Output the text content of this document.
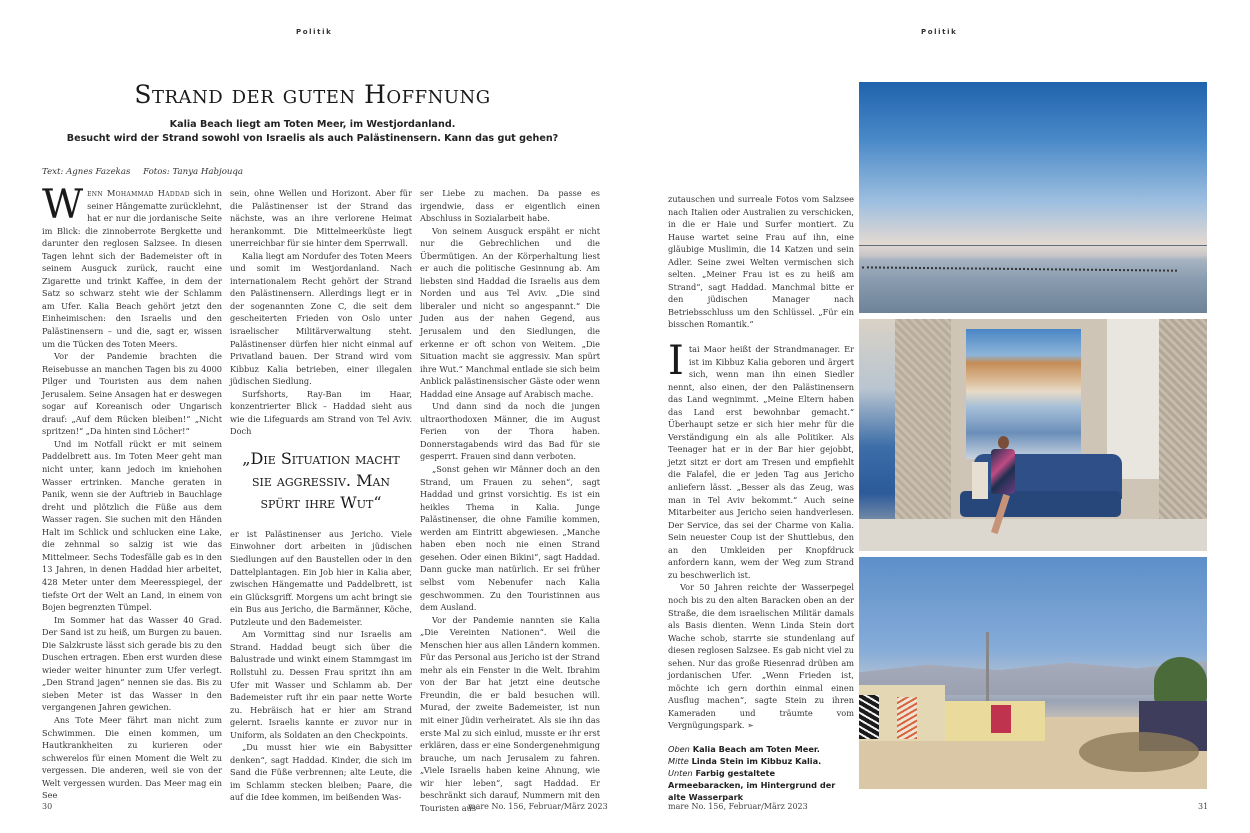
Politik
Strand der guten Hoffnung
Kalia Beach liegt am Toten Meer, im Westjordanland.
Besucht wird der Strand sowohl von Israelis als auch Palästinensern. Kann das gut gehen?
Text: Agnes Fazekas Fotos: Tanya Habjouqa

Wenn Mohammad Haddad sich in seiner Hängematte zurücklehnt, hat er nur die jordanische Seite im Blick: die zinnoberrote Bergkette und darunter den reglosen Salzsee. In diesen Tagen lehnt sich der Bademeister oft in seinem Ausguck zurück, raucht eine Zigarette und trinkt Kaffee, in dem der Satz so schwarz steht wie der Schlamm am Ufer. Kalia Beach gehört jetzt den Einheimischen: den Israelis und den Palästinensern – und die, sagt er, wissen um die Tücken des Toten Meers.

Vor der Pandemie brachten die Reisebusse an manchen Tagen bis zu 4000 Pilger und Touristen aus dem nahen Jerusalem. Seine Ansagen hat er deswegen sogar auf Koreanisch oder Ungarisch drauf: „Auf dem Rücken bleiben!“ „Nicht spritzen!“ „Da hinten sind Löcher!“

Und im Notfall rückt er mit seinem Paddelbrett aus. Im Toten Meer geht man nicht unter, kann jedoch im kniehohen Wasser ertrinken. Manche geraten in Panik, wenn sie der Auftrieb in Bauchlage dreht und plötzlich die Füße aus dem Wasser ragen. Sie suchen mit den Händen Halt im Schlick und schlucken eine Lake, die zehnmal so salzig ist wie das Mittelmeer. Sechs Todesfälle gab es in den 13 Jahren, in denen Haddad hier arbeitet, 428 Meter unter dem Meeresspiegel, der tiefste Ort der Welt an Land, in einem von Bojen begrenzten Tümpel.

Im Sommer hat das Wasser 40 Grad. Der Sand ist zu heiß, um Burgen zu bauen. Die Salzkruste lässt sich gerade bis zu den Duschen ertragen. Eben erst wurden diese wieder weiter hinunter zum Ufer verlegt. „Den Strand jagen“ nennen sie das. Bis zu sieben Meter ist das Wasser in den vergangenen Jahren gewichen.

Ans Tote Meer fährt man nicht zum Schwimmen. Die einen kommen, um Hautkrankheiten zu kurieren oder schwerelos für einen Moment die Welt zu vergessen. Die anderen, weil sie von der Welt vergessen wurden. Das Meer mag ein See

sein, ohne Wellen und Horizont. Aber für die Palästinenser ist der Strand das nächste, was an ihre verlorene Heimat herankommt. Die Mittelmeerküste liegt unerreichbar für sie hinter dem Sperrwall.

Kalia liegt am Nordufer des Toten Meers und somit im Westjordanland. Nach internationalem Recht gehört der Strand den Palästinensern. Allerdings liegt er in der sogenannten Zone C, die seit dem gescheiterten Frieden von Oslo unter israelischer Militärverwaltung steht. Palästinenser dürfen hier nicht einmal auf Privatland bauen. Der Strand wird vom Kibbuz Kalia betrieben, einer illegalen jüdischen Siedlung.

Surfshorts, Ray-Ban im Haar, konzentrierter Blick – Haddad sieht aus wie die Lifeguards am Strand von Tel Aviv. Doch

„Die Situation macht sie aggressiv. Man spürt ihre Wut“

er ist Palästinenser aus Jericho. Viele Einwohner dort arbeiten in jüdischen Siedlungen auf den Baustellen oder in den Dattelplantagen. Ein Job hier in Kalia aber, zwischen Hängematte und Paddelbrett, ist ein Glücksgriff. Morgens um acht bringt sie ein Bus aus Jericho, die Barmänner, Köche, Putzleute und den Bademeister.

Am Vormittag sind nur Israelis am Strand. Haddad beugt sich über die Balustrade und winkt einem Stammgast im Rollstuhl zu. Dessen Frau spritzt ihn am Ufer mit Wasser und Schlamm ab. Der Bademeister ruft ihr ein paar nette Worte zu. Hebräisch hat er hier am Strand gelernt. Israelis kannte er zuvor nur in Uniform, als Soldaten an den Checkpoints.

„Du musst hier wie ein Babysitter denken“, sagt Haddad. Kinder, die sich im Sand die Füße verbrennen; alte Leute, die im Schlamm stecken bleiben; Paare, die auf die Idee kommen, im beißenden Was-

ser Liebe zu machen. Da passe es irgendwie, dass er eigentlich einen Abschluss in Sozialarbeit habe.

Von seinem Ausguck erspäht er nicht nur die Gebrechlichen und die Übermütigen. An der Körperhaltung liest er auch die politische Gesinnung ab. Am liebsten sind Haddad die Israelis aus dem Norden und aus Tel Aviv. „Die sind liberaler und nicht so angespannt.“ Die Juden aus der nahen Gegend, aus Jerusalem und den Siedlungen, die erkenne er oft schon von Weitem. „Die Situation macht sie aggressiv. Man spürt ihre Wut.“ Manchmal entlade sie sich beim Anblick palästinensischer Gäste oder wenn Haddad eine Ansage auf Arabisch mache.

Und dann sind da noch die jungen ultraorthodoxen Männer, die im August Ferien von der Thora haben. Donnerstagabends wird das Bad für sie gesperrt. Frauen sind dann verboten.

„Sonst gehen wir Männer doch an den Strand, um Frauen zu sehen“, sagt Haddad und grinst vorsichtig. Es ist ein heikles Thema in Kalia. Junge Palästinenser, die ohne Familie kommen, werden am Eintritt abgewiesen. „Manche haben eben noch nie einen Strand gesehen. Oder einen Bikini“, sagt Haddad. Dann gucke man natürlich. Er sei früher selbst vom Nebenufer nach Kalia geschwommen. Zu den Touristinnen aus dem Ausland.

Vor der Pandemie nannten sie Kalia „Die Vereinten Nationen“. Weil die Menschen hier aus allen Ländern kommen. Für das Personal aus Jericho ist der Strand mehr als ein Fenster in die Welt. Ibrahim von der Bar hat jetzt eine deutsche Freundin, die er bald besuchen will. Murad, der zweite Bademeister, ist nun mit einer Jüdin verheiratet. Als sie ihn das erste Mal zu sich einlud, musste er ihr erst erklären, dass er eine Sondergenehmigung brauche, um nach Jerusalem zu fahren. „Viele Israelis haben keine Ahnung, wie wir hier leben“, sagt Haddad. Er beschränkt sich darauf, Nummern mit den Touristen aus-

30	mare No. 156, Februar/März 2023
Politik

zutauschen und surreale Fotos vom Salzsee nach Italien oder Australien zu verschicken, in die er Haie und Surfer montiert. Zu Hause wartet seine Frau auf ihn, eine gläubige Muslimin, die 14 Katzen und sein Adler. Seine zwei Welten vermischen sich selten. „Meiner Frau ist es zu heiß am Strand“, sagt Haddad. Manchmal bitte er den jüdischen Manager nach Betriebsschluss um den Schlüssel. „Für ein bisschen Romantik.“

Itai Maor heißt der Strandmanager. Er ist im Kibbuz Kalia geboren und ärgert sich, wenn man ihn einen Siedler nennt, also einen, der den Palästinensern das Land wegnimmt. „Meine Eltern haben das Land erst bewohnbar gemacht.“ Überhaupt setze er sich hier mehr für die Verständigung ein als alle Politiker. Als Teenager hat er in der Bar hier gejobbt, jetzt sitzt er dort am Tresen und empfiehlt die Falafel, die er jeden Tag aus Jericho anliefern lässt. „Besser als das Zeug, was man in Tel Aviv bekommt.“ Auch seine Mitarbeiter aus Jericho seien handverlesen. Der Service, das sei der Charme von Kalia. Sein neuester Coup ist der Shuttlebus, den an den Umkleiden per Knopfdruck anfordern kann, wem der Weg zum Strand zu beschwerlich ist.

Vor 50 Jahren reichte der Wasserpegel noch bis zu den alten Baracken oben an der Straße, die dem israelischen Militär damals als Basis dienten. Wenn Linda Stein dort Wache schob, starrte sie stundenlang auf diesen reglosen Salzsee. Es gab nicht viel zu sehen. Nur das große Riesenrad drüben am jordanischen Ufer. „Wenn Frieden ist, möchte ich gern dorthin einmal einen Ausflug machen“, sagte Stein zu ihren Kameraden und träumte vom Vergnügungspark. ➣

Oben Kalia Beach am Toten Meer.
Mitte Linda Stein im Kibbuz Kalia.
Unten Farbig gestaltete Armeebaracken, im Hintergrund der alte Wasserpark
mare No. 156, Februar/März 2023	31
